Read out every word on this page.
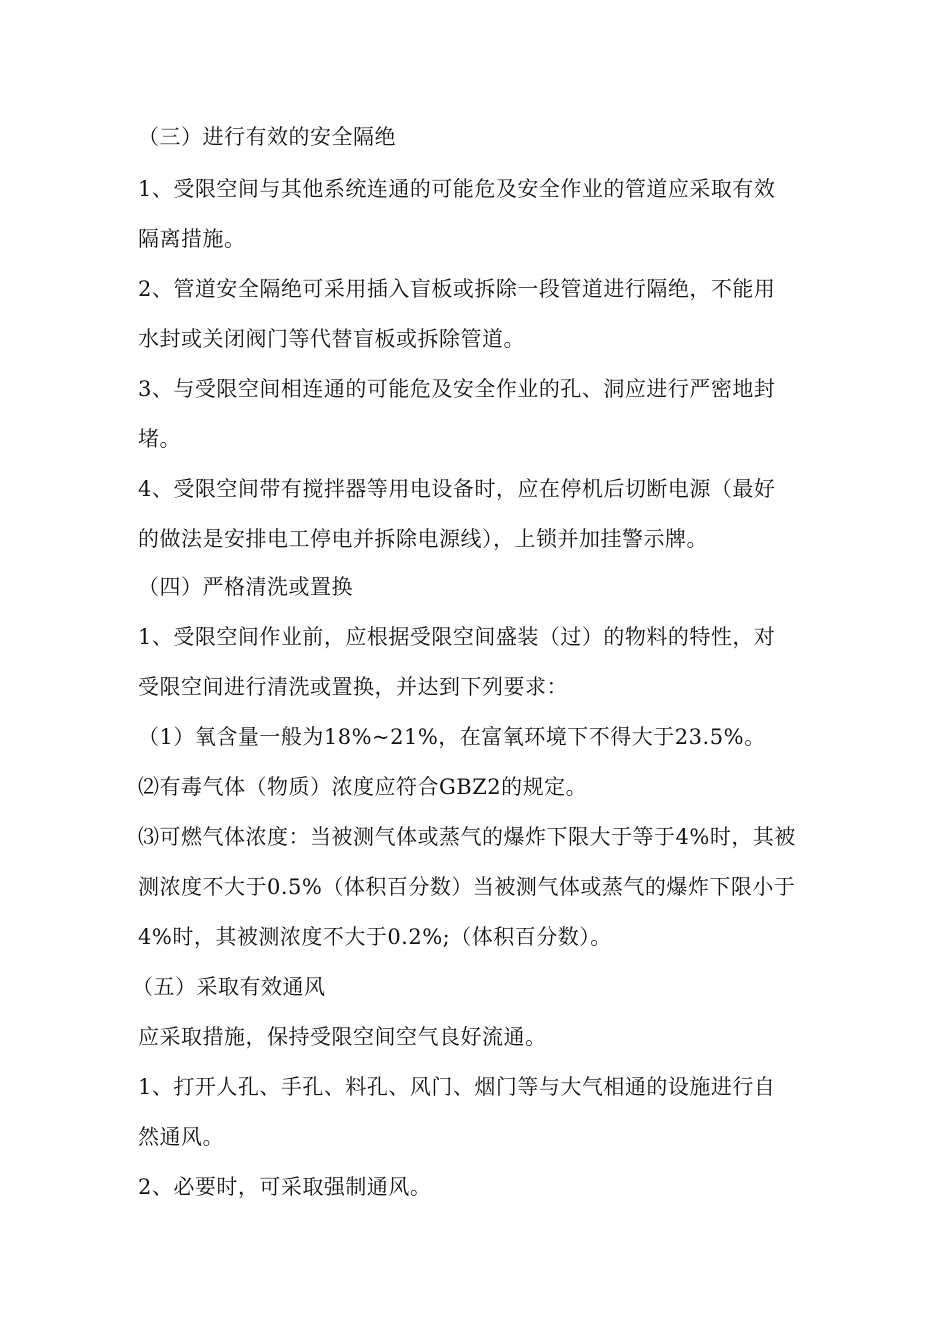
（三）进行有效的安全隔绝
1、受限空间与其他系统连通的可能危及安全作业的管道应采取有效
隔离措施。
2、管道安全隔绝可采用插入盲板或拆除一段管道进行隔绝，不能用
水封或关闭阀门等代替盲板或拆除管道。
3、与受限空间相连通的可能危及安全作业的孔、洞应进行严密地封
堵。
4、受限空间带有搅拌器等用电设备时，应在停机后切断电源（最好
的做法是安排电工停电并拆除电源线），上锁并加挂警示牌。
（四）严格清洗或置换
1、受限空间作业前，应根据受限空间盛装（过）的物料的特性，对
受限空间进行清洗或置换，并达到下列要求：
（1）氧含量一般为18%~21%，在富氧环境下不得大于23.5%。
⑵有毒气体（物质）浓度应符合GBZ2的规定。
⑶可燃气体浓度：当被测气体或蒸气的爆炸下限大于等于4%时，其被
测浓度不大于0.5%（体积百分数）当被测气体或蒸气的爆炸下限小于
4%时，其被测浓度不大于0.2%;（体积百分数）。
（五）采取有效通风
应采取措施，保持受限空间空气良好流通。
1、打开人孔、手孔、料孔、风门、烟门等与大气相通的设施进行自
然通风。
2、必要时，可采取强制通风。
